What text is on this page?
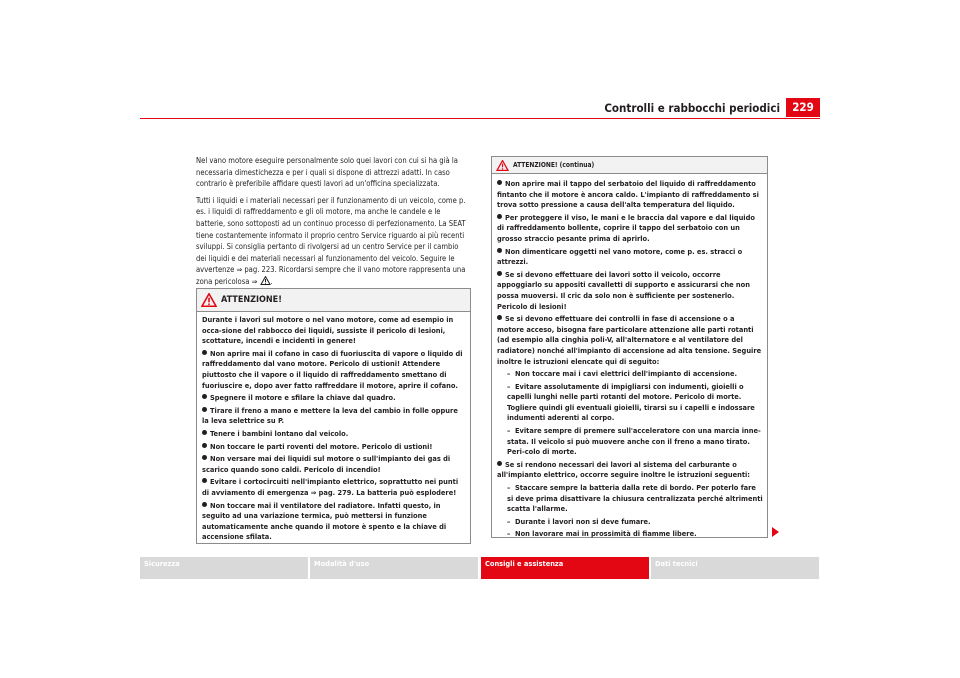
Controlli e rabbocchi periodici	229

Nel vano motore eseguire personalmente solo quei lavori con cui si ha già la necessaria dimestichezza e per i quali si dispone di attrezzi adatti. In caso contrario è preferibile affidare questi lavori ad un'officina specializzata.

Tutti i liquidi e i materiali necessari per il funzionamento di un veicolo, come p. es. i liquidi di raffreddamento e gli oli motore, ma anche le candele e le batterie, sono sottoposti ad un continuo processo di perfezionamento. La SEAT tiene costantemente informato il proprio centro Service riguardo ai più recenti sviluppi. Si consiglia pertanto di rivolgersi ad un centro Service per il cambio dei liquidi e dei materiali necessari al funzionamento del veicolo. Seguire le avvertenze ⇒ pag. 223. Ricordarsi sempre che il vano motore rappresenta una zona pericolosa ⇒ .

ATTENZIONE!

Durante i lavori sul motore o nel vano motore, come ad esempio in occa-sione del rabbocco dei liquidi, sussiste il pericolo di lesioni, scottature, incendi e incidenti in genere!

Non aprire mai il cofano in caso di fuoriuscita di vapore o liquido di raffreddamento dal vano motore. Pericolo di ustioni! Attendere piuttosto che il vapore o il liquido di raffreddamento smettano di fuoriuscire e, dopo aver fatto raffreddare il motore, aprire il cofano.

Spegnere il motore e sfilare la chiave dal quadro.

Tirare il freno a mano e mettere la leva del cambio in folle oppure la leva selettrice su P.

Tenere i bambini lontano dal veicolo.

Non toccare le parti roventi del motore. Pericolo di ustioni!

Non versare mai dei liquidi sul motore o sull'impianto dei gas di scarico quando sono caldi. Pericolo di incendio!

Evitare i cortocircuiti nell'impianto elettrico, soprattutto nei punti di avviamento di emergenza ⇒ pag. 279. La batteria può esplodere!

Non toccare mai il ventilatore del radiatore. Infatti questo, in seguito ad una variazione termica, può mettersi in funzione automaticamente anche quando il motore è spento e la chiave di accensione sfilata.

ATTENZIONE! (continua)

Non aprire mai il tappo del serbatoio del liquido di raffreddamento fintanto che il motore è ancora caldo. L'impianto di raffreddamento si trova sotto pressione a causa dell'alta temperatura del liquido.

Per proteggere il viso, le mani e le braccia dal vapore e dal liquido di raffreddamento bollente, coprire il tappo del serbatoio con un grosso straccio pesante prima di aprirlo.

Non dimenticare oggetti nel vano motore, come p. es. stracci o attrezzi.

Se si devono effettuare dei lavori sotto il veicolo, occorre appoggiarlo su appositi cavalletti di supporto e assicurarsi che non possa muoversi. Il cric da solo non è sufficiente per sostenerlo. Pericolo di lesioni!

Se si devono effettuare dei controlli in fase di accensione o a motore acceso, bisogna fare particolare attenzione alle parti rotanti (ad esempio alla cinghia poli-V, all'alternatore e al ventilatore del radiatore) nonché all'impianto di accensione ad alta tensione. Seguire inoltre le istruzioni elencate qui di seguito:

– Non toccare mai i cavi elettrici dell'impianto di accensione.

– Evitare assolutamente di impigliarsi con indumenti, gioielli o capelli lunghi nelle parti rotanti del motore. Pericolo di morte. Togliere quindi gli eventuali gioielli, tirarsi su i capelli e indossare indumenti aderenti al corpo.

– Evitare sempre di premere sull'acceleratore con una marcia inne-stata. Il veicolo si può muovere anche con il freno a mano tirato. Peri-colo di morte.

Se si rendono necessari dei lavori al sistema del carburante o all'impianto elettrico, occorre seguire inoltre le istruzioni seguenti:

– Staccare sempre la batteria dalla rete di bordo. Per poterlo fare si deve prima disattivare la chiusura centralizzata perché altrimenti scatta l'allarme.

– Durante i lavori non si deve fumare.

– Non lavorare mai in prossimità di fiamme libere.

Sicurezza	Modalità d'uso	Consigli e assistenza	Dati tecnici
